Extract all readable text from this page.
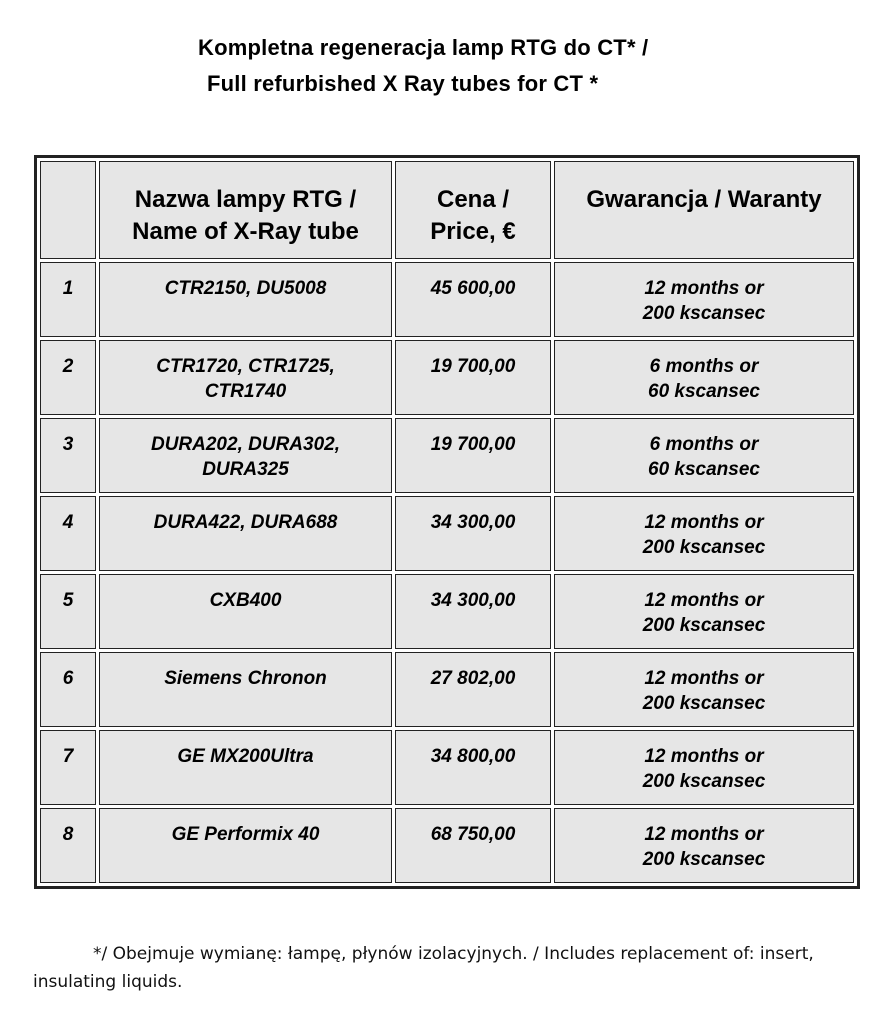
Kompletna regeneracja lamp RTG do CT* /
Full refurbished X Ray tubes for CT *
	Nazwa lampy RTG /
Name of X-Ray tube	Cena /
Price, €	Gwarancja / Waranty
1	CTR2150, DU5008	45 600,00	12 months or
200 kscansec
2	CTR1720, CTR1725,
CTR1740	19 700,00	6 months or
60 kscansec
3	DURA202, DURA302,
DURA325	19 700,00	6 months or
60 kscansec
4	DURA422, DURA688	34 300,00	12 months or
200 kscansec
5	CXB400	34 300,00	12 months or
200 kscansec
6	Siemens Chronon	27 802,00	12 months or
200 kscansec
7	GE MX200Ultra	34 800,00	12 months or
200 kscansec
8	GE Performix 40	68 750,00	12 months or
200 kscansec
*/ Obejmuje wymianę: łampę, płynów izolacyjnych. / Includes replacement of: insert, insulating liquids.
